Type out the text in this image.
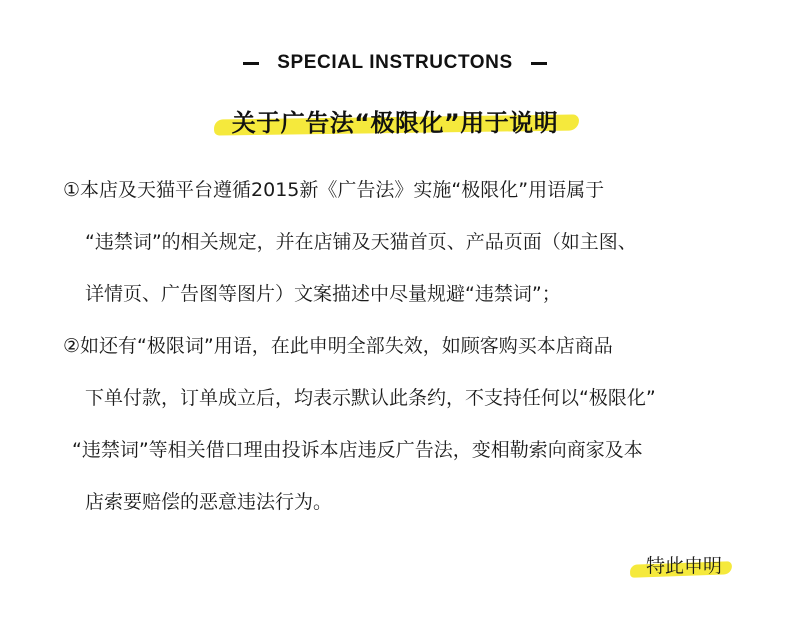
SPECIAL INSTRUCTONS
关于广告法“极限化”用于说明
①本店及天猫平台遵循2015新《广告法》实施“极限化”用语属于
“违禁词”的相关规定，并在店铺及天猫首页、产品页面（如主图、
详情页、广告图等图片）文案描述中尽量规避“违禁词”；
②如还有“极限词”用语，在此申明全部失效，如顾客购买本店商品
下单付款，订单成立后，均表示默认此条约，不支持任何以“极限化”
“违禁词”等相关借口理由投诉本店违反广告法，变相勒索向商家及本
店索要赔偿的恶意违法行为。
特此申明
